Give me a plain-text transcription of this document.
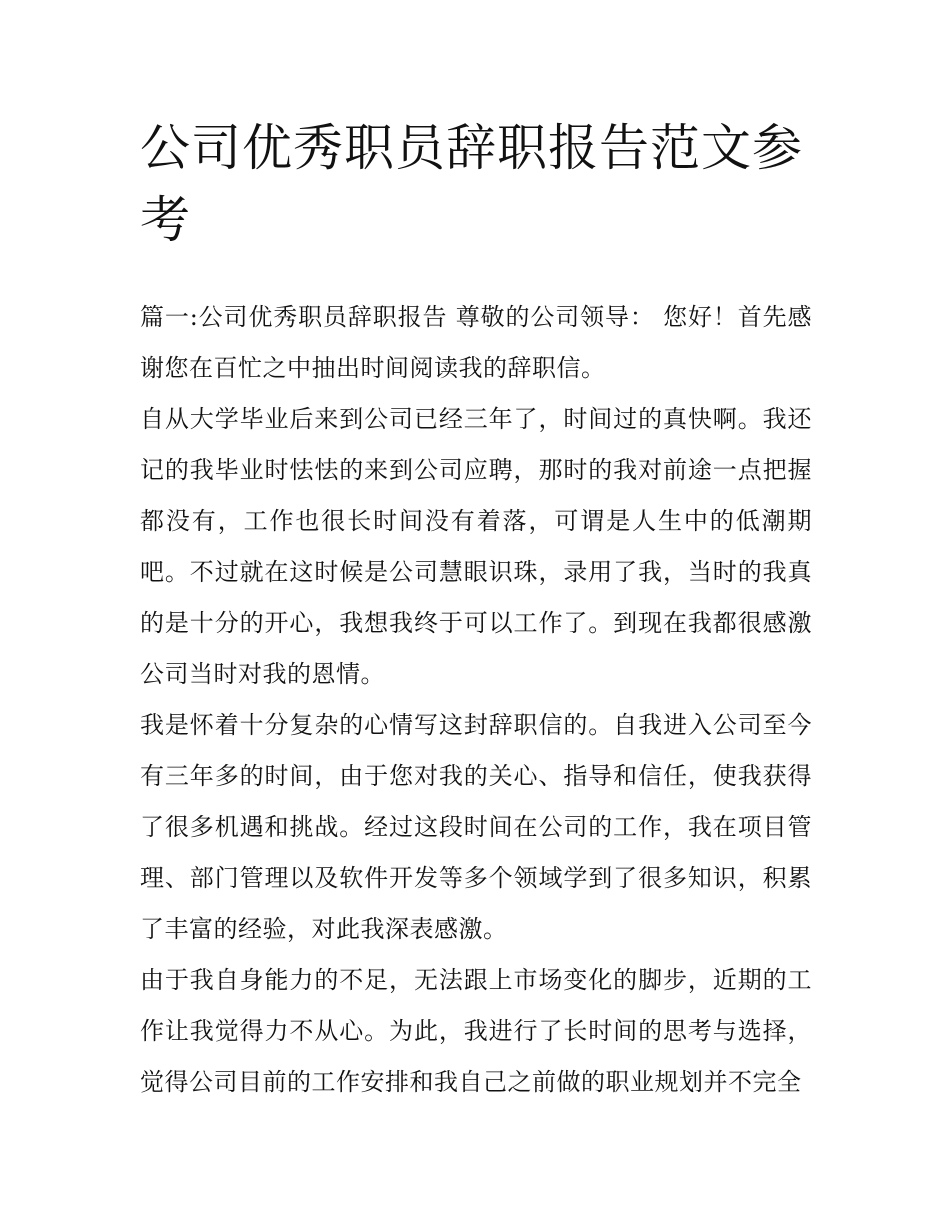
公司优秀职员辞职报告范文参考

篇一:公司优秀职员辞职报告 尊敬的公司领导： 您好！首先感谢您在百忙之中抽出时间阅读我的辞职信。

自从大学毕业后来到公司已经三年了，时间过的真快啊。我还记的我毕业时怯怯的来到公司应聘，那时的我对前途一点把握都没有，工作也很长时间没有着落，可谓是人生中的低潮期吧。不过就在这时候是公司慧眼识珠，录用了我，当时的我真的是十分的开心，我想我终于可以工作了。到现在我都很感激公司当时对我的恩情。

我是怀着十分复杂的心情写这封辞职信的。自我进入公司至今有三年多的时间，由于您对我的关心、指导和信任，使我获得了很多机遇和挑战。经过这段时间在公司的工作，我在项目管理、部门管理以及软件开发等多个领域学到了很多知识，积累了丰富的经验，对此我深表感激。

由于我自身能力的不足，无法跟上市场变化的脚步，近期的工作让我觉得力不从心。为此，我进行了长时间的思考与选择，觉得公司目前的工作安排和我自己之前做的职业规划并不完全
